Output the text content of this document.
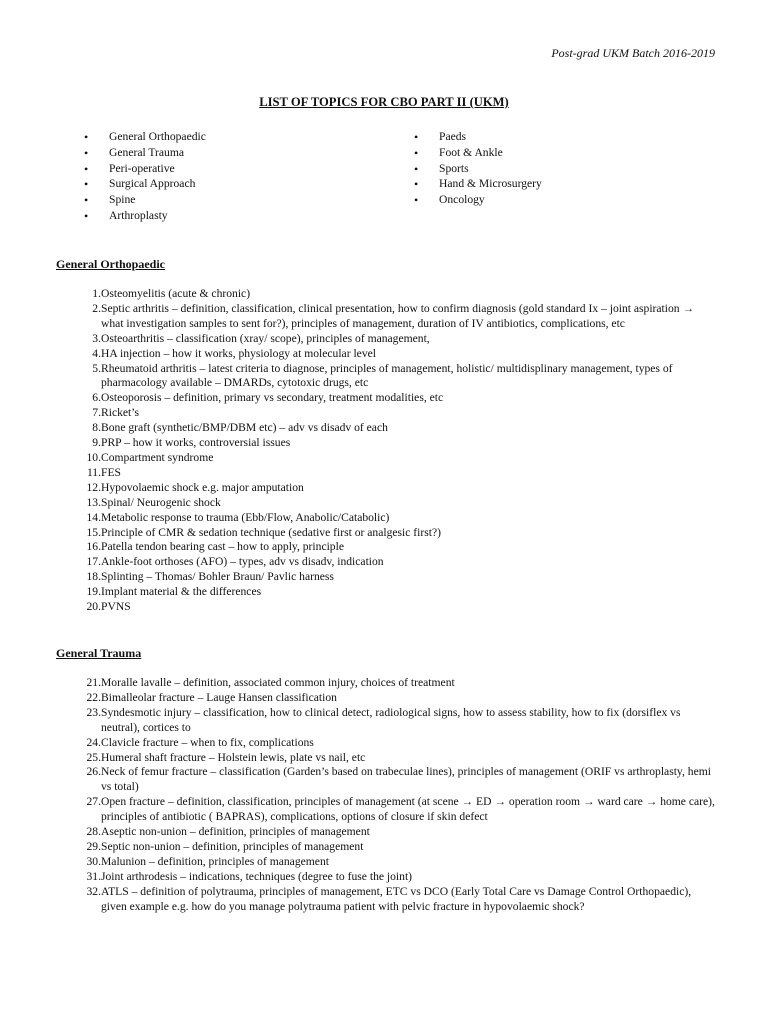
Post-grad UKM Batch 2016-2019
LIST OF TOPICS FOR CBO PART II (UKM)
• General Orthopaedic
• General Trauma
• Peri-operative
• Surgical Approach
• Spine
• Arthroplasty
• Paeds
• Foot & Ankle
• Sports
• Hand & Microsurgery
• Oncology
General Orthopaedic
1. Osteomyelitis (acute & chronic)
2. Septic arthritis – definition, classification, clinical presentation, how to confirm diagnosis (gold standard Ix – joint aspiration → what investigation samples to sent for?), principles of management, duration of IV antibiotics, complications, etc
3. Osteoarthritis – classification (xray/ scope), principles of management,
4. HA injection – how it works, physiology at molecular level
5. Rheumatoid arthritis – latest criteria to diagnose, principles of management, holistic/ multidisplinary management, types of pharmacology available – DMARDs, cytotoxic drugs, etc
6. Osteoporosis – definition, primary vs secondary, treatment modalities, etc
7. Ricket’s
8. Bone graft (synthetic/BMP/DBM etc) – adv vs disadv of each
9. PRP – how it works, controversial issues
10. Compartment syndrome
11. FES
12. Hypovolaemic shock e.g. major amputation
13. Spinal/ Neurogenic shock
14. Metabolic response to trauma (Ebb/Flow, Anabolic/Catabolic)
15. Principle of CMR & sedation technique (sedative first or analgesic first?)
16. Patella tendon bearing cast – how to apply, principle
17. Ankle-foot orthoses (AFO) – types, adv vs disadv, indication
18. Splinting – Thomas/ Bohler Braun/ Pavlic harness
19. Implant material & the differences
20. PVNS
General Trauma
21. Moralle lavalle – definition, associated common injury, choices of treatment
22. Bimalleolar fracture – Lauge Hansen classification
23. Syndesmotic injury – classification, how to clinical detect, radiological signs, how to assess stability, how to fix (dorsiflex vs neutral), cortices to
24. Clavicle fracture – when to fix, complications
25. Humeral shaft fracture – Holstein lewis, plate vs nail, etc
26. Neck of femur fracture – classification (Garden’s based on trabeculae lines), principles of management (ORIF vs arthroplasty, hemi vs total)
27. Open fracture – definition, classification, principles of management (at scene → ED → operation room → ward care → home care), principles of antibiotic ( BAPRAS), complications, options of closure if skin defect
28. Aseptic non-union – definition, principles of management
29. Septic non-union – definition, principles of management
30. Malunion – definition, principles of management
31. Joint arthrodesis – indications, techniques (degree to fuse the joint)
32. ATLS – definition of polytrauma, principles of management, ETC vs DCO (Early Total Care vs Damage Control Orthopaedic), given example e.g. how do you manage polytrauma patient with pelvic fracture in hypovolaemic shock?
